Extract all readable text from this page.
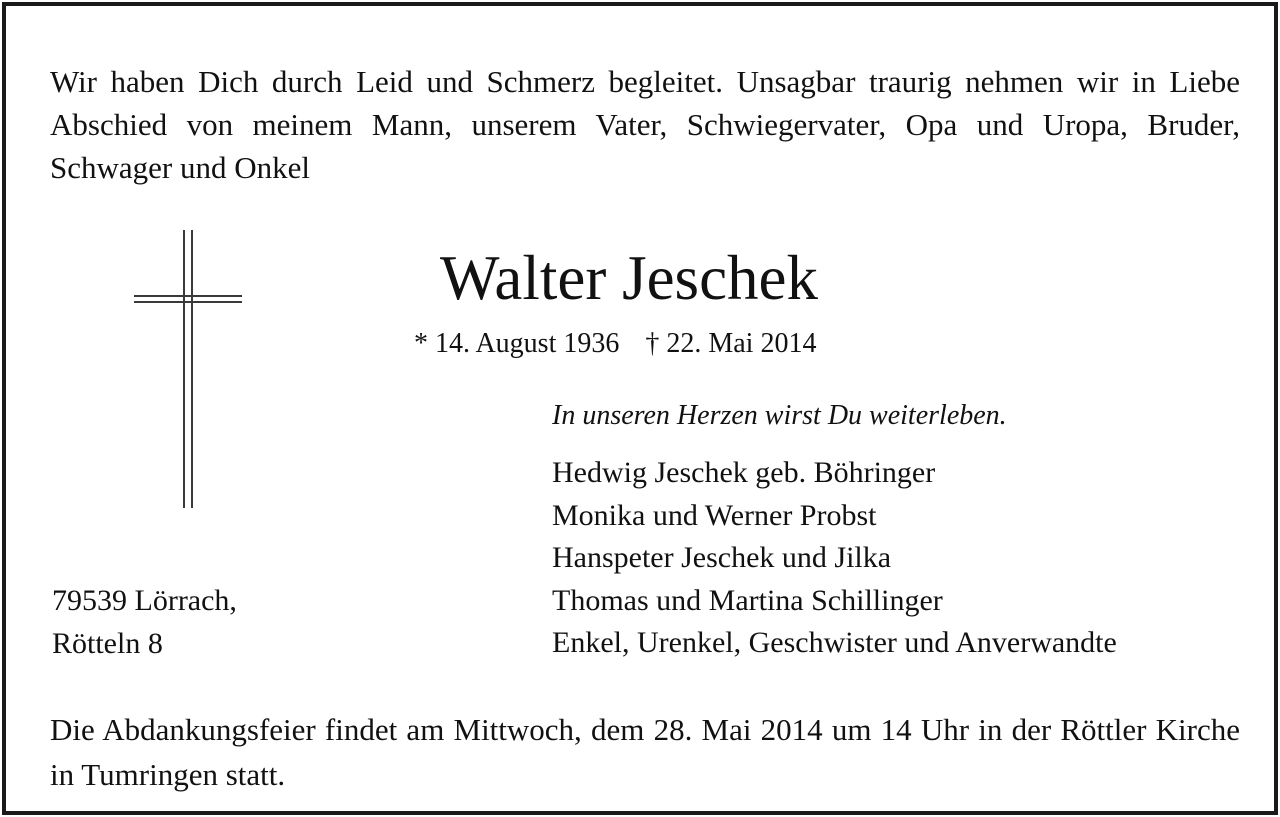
Wir haben Dich durch Leid und Schmerz begleitet. Unsagbar traurig nehmen wir in Liebe Abschied von meinem Mann, unserem Vater, Schwiegervater, Opa und Uropa, Bruder, Schwager und Onkel

Walter Jeschek
* 14. August 1936 † 22. Mai 2014
In unseren Herzen wirst Du weiterleben.
Hedwig Jeschek geb. Böhringer
Monika und Werner Probst
Hanspeter Jeschek und Jilka
Thomas und Martina Schillinger
Enkel, Urenkel, Geschwister und Anverwandte
79539 Lörrach,
Rötteln 8

Die Abdankungsfeier findet am Mittwoch, dem 28. Mai 2014 um 14 Uhr in der Röttler Kirche in Tumringen statt.
